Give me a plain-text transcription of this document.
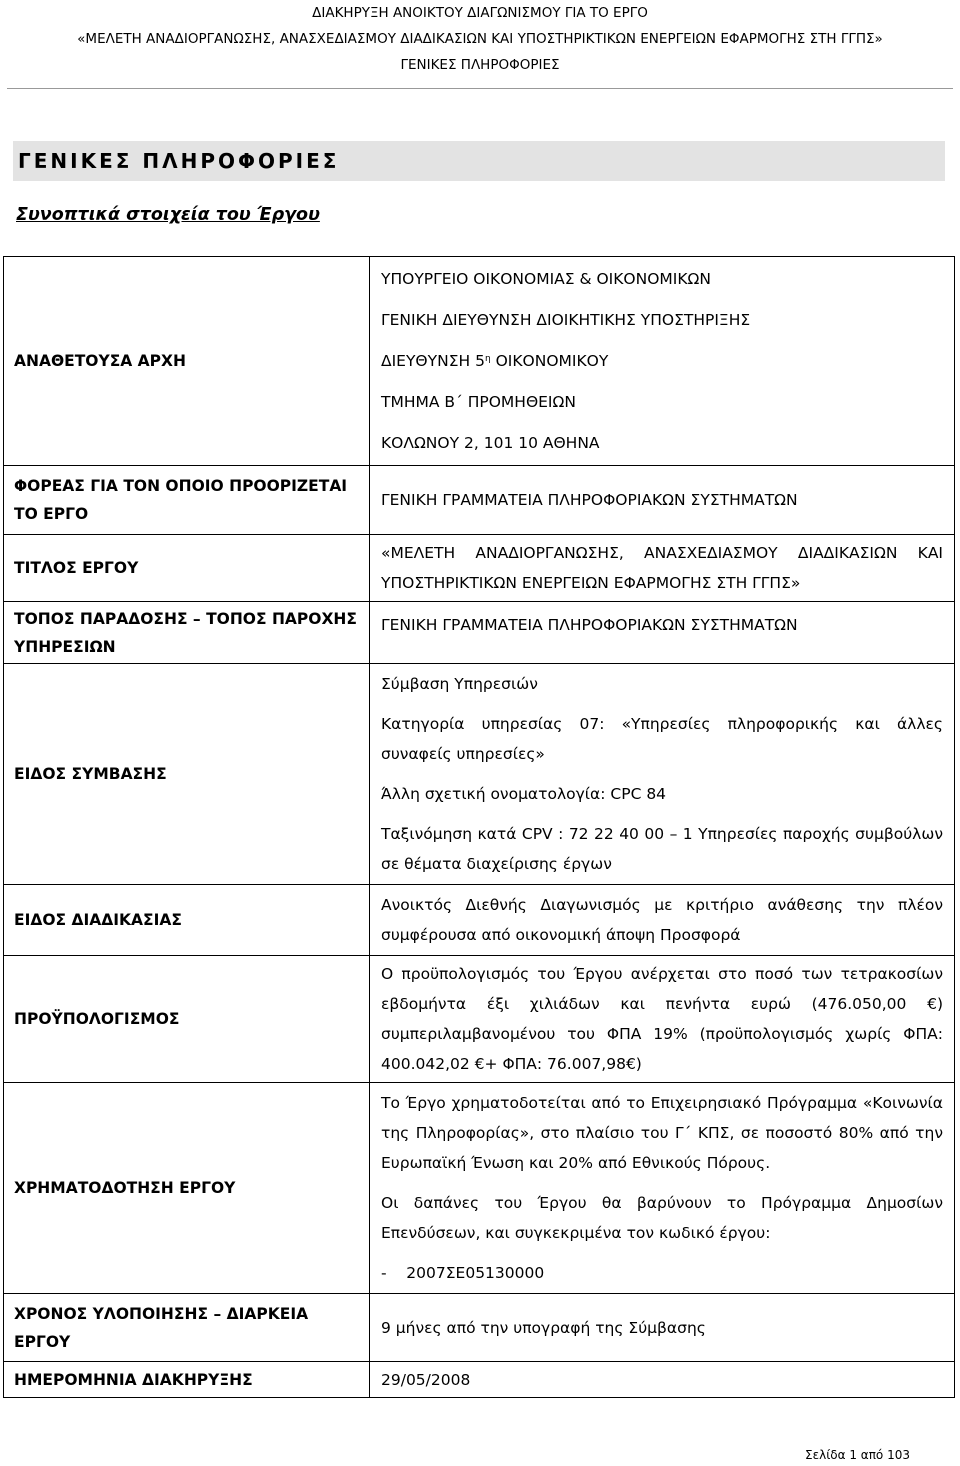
ΔΙΑΚΗΡΥΞΗ ΑΝΟΙΚΤΟΥ ΔΙΑΓΩΝΙΣΜΟΥ ΓΙΑ ΤΟ ΕΡΓΟ
«ΜΕΛΕΤΗ ΑΝΑΔΙΟΡΓΑΝΩΣΗΣ, ΑΝΑΣΧΕΔΙΑΣΜΟΥ ΔΙΑΔΙΚΑΣΙΩΝ ΚΑΙ ΥΠΟΣΤΗΡΙΚΤΙΚΩΝ ΕΝΕΡΓΕΙΩΝ ΕΦΑΡΜΟΓΗΣ ΣΤΗ ΓΓΠΣ»
ΓΕΝΙΚΕΣ ΠΛΗΡΟΦΟΡΙΕΣ
ΓΕΝΙΚΕΣ ΠΛΗΡΟΦΟΡΙΕΣ
Συνοπτικά στοιχεία του Έργου
ΑΝΑΘΕΤΟΥΣΑ ΑΡΧΗ	ΥΠΟΥΡΓΕΙΟ ΟΙΚΟΝΟΜΙΑΣ & ΟΙΚΟΝΟΜΙΚΩΝ
ΓΕΝΙΚΗ ΔΙΕΥΘΥΝΣΗ ΔΙΟΙΚΗΤΙΚΗΣ ΥΠΟΣΤΗΡΙΞΗΣ
ΔΙΕΥΘΥΝΣΗ $5^\eta$ ΟΙΚΟΝΟΜΙΚΟΥ
ΤΜΗΜΑ Β΄ ΠΡΟΜΗΘΕΙΩΝ
ΚΟΛΩΝΟΥ 2, 101 10 ΑΘΗΝΑ

ΦΟΡΕΑΣ ΓΙΑ ΤΟΝ ΟΠΟΙΟ ΠΡΟΟΡΙΖΕΤΑΙ ΤΟ ΕΡΓΟ	ΓΕΝΙΚΗ ΓΡΑΜΜΑΤΕΙΑ ΠΛΗΡΟΦΟΡΙΑΚΩΝ ΣΥΣΤΗΜΑΤΩΝ
ΤΙΤΛΟΣ ΕΡΓΟΥ	«ΜΕΛΕΤΗ ΑΝΑΔΙΟΡΓΑΝΩΣΗΣ, ΑΝΑΣΧΕΔΙΑΣΜΟΥ ΔΙΑΔΙΚΑΣΙΩΝ ΚΑΙ ΥΠΟΣΤΗΡΙΚΤΙΚΩΝ ΕΝΕΡΓΕΙΩΝ ΕΦΑΡΜΟΓΗΣ ΣΤΗ ΓΓΠΣ»

ΤΟΠΟΣ ΠΑΡΑΔΟΣΗΣ – ΤΟΠΟΣ ΠΑΡΟΧΗΣ ΥΠΗΡΕΣΙΩΝ	ΓΕΝΙΚΗ ΓΡΑΜΜΑΤΕΙΑ ΠΛΗΡΟΦΟΡΙΑΚΩΝ ΣΥΣΤΗΜΑΤΩΝ
ΕΙΔΟΣ ΣΥΜΒΑΣΗΣ	Σύμβαση Υπηρεσιών
Κατηγορία υπηρεσίας 07: «Υπηρεσίες πληροφορικής και άλλες συναφείς υπηρεσίες»
Άλλη σχετική ονοματολογία: CPC 84
Ταξινόμηση κατά CPV : 72 22 40 00 – 1 Υπηρεσίες παροχής συμβούλων σε θέματα διαχείρισης έργων

ΕΙΔΟΣ ΔΙΑΔΙΚΑΣΙΑΣ	Ανοικτός Διεθνής Διαγωνισμός με κριτήριο ανάθεσης την πλέον συμφέρουσα από οικονομική άποψη Προσφορά

ΠΡΟΫΠΟΛΟΓΙΣΜΟΣ	Ο προϋπολογισμός του Έργου ανέρχεται στο ποσό των τετρακοσίων εβδομήντα έξι χιλιάδων και πενήντα ευρώ (476.050,00 €) συμπεριλαμβανομένου του ΦΠΑ 19% (προϋπολογισμός χωρίς ΦΠΑ: 400.042,02 €+ ΦΠΑ: 76.007,98€)

ΧΡΗΜΑΤΟΔΟΤΗΣΗ ΕΡΓΟΥ	Το Έργο χρηματοδοτείται από το Επιχειρησιακό Πρόγραμμα «Κοινωνία της Πληροφορίας», στο πλαίσιο του Γ΄ ΚΠΣ, σε ποσοστό 80% από την Ευρωπαϊκή Ένωση και 20% από Εθνικούς Πόρους.
Οι δαπάνες του Έργου θα βαρύνουν το Πρόγραμμα Δημοσίων Επενδύσεων, και συγκεκριμένα τον κωδικό έργου:
-    2007ΣΕ05130000

ΧΡΟΝΟΣ ΥΛΟΠΟΙΗΣΗΣ – ΔΙΑΡΚΕΙΑ ΕΡΓΟΥ	9 μήνες από την υπογραφή της Σύμβασης
ΗΜΕΡΟΜΗΝΙΑ ΔΙΑΚΗΡΥΞΗΣ	29/05/2008
Σελίδα 1 από 103
